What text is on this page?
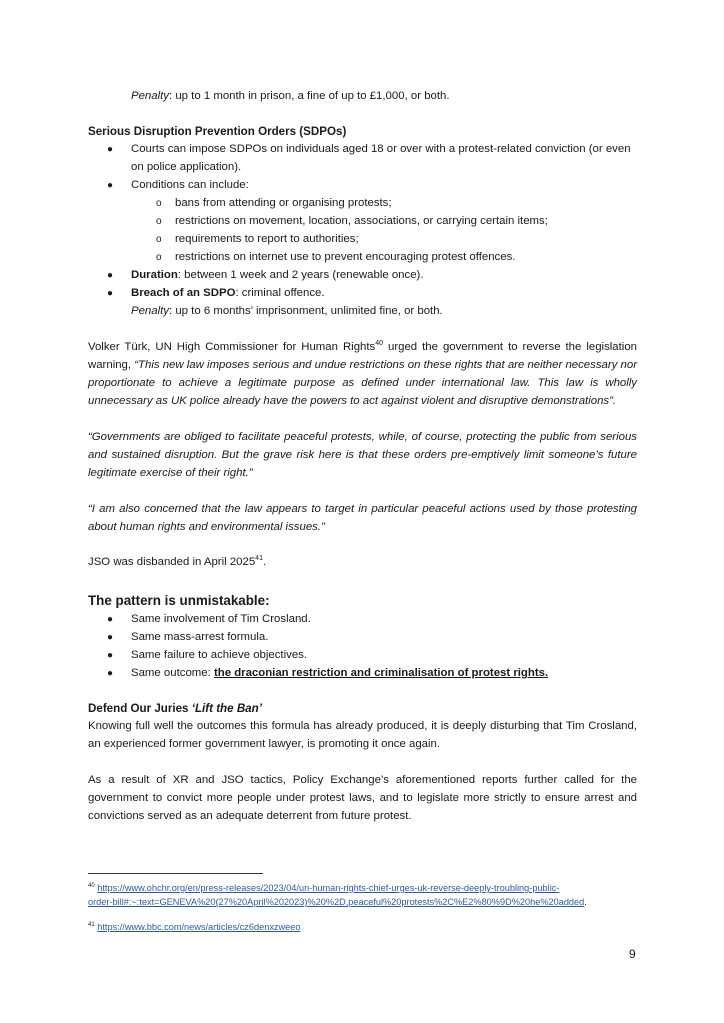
Penalty: up to 1 month in prison, a fine of up to £1,000, or both.
Serious Disruption Prevention Orders (SDPOs)
● Courts can impose SDPOs on individuals aged 18 or over with a protest-related conviction (or even
on police application).
● Conditions can include:
o bans from attending or organising protests;
o restrictions on movement, location, associations, or carrying certain items;
o requirements to report to authorities;
o restrictions on internet use to prevent encouraging protest offences.
● Duration: between 1 week and 2 years (renewable once).
● Breach of an SDPO: criminal offence.
Penalty: up to 6 months’ imprisonment, unlimited fine, or both.
Volker Türk, UN High Commissioner for Human Rights$^{40}$ urged the government to reverse the legislation warning, “This new law imposes serious and undue restrictions on these rights that are neither necessary nor proportionate to achieve a legitimate purpose as defined under international law. This law is wholly unnecessary as UK police already have the powers to act against violent and disruptive demonstrations”.
“Governments are obliged to facilitate peaceful protests, while, of course, protecting the public from serious and sustained disruption. But the grave risk here is that these orders pre-emptively limit someone’s future legitimate exercise of their right.”
“I am also concerned that the law appears to target in particular peaceful actions used by those protesting about human rights and environmental issues.”
JSO was disbanded in April 2025$^{41}$.
The pattern is unmistakable:
● Same involvement of Tim Crosland.
● Same mass-arrest formula.
● Same failure to achieve objectives.
● Same outcome: the draconian restriction and criminalisation of protest rights.
Defend Our Juries ‘Lift the Ban’
Knowing full well the outcomes this formula has already produced, it is deeply disturbing that Tim Crosland, an experienced former government lawyer, is promoting it once again.
As a result of XR and JSO tactics, Policy Exchange’s aforementioned reports further called for the government to convict more people under protest laws, and to legislate more strictly to ensure arrest and convictions served as an adequate deterrent from future protest.
$^{40}$ https://www.ohchr.org/en/press-releases/2023/04/un-human-rights-chief-urges-uk-reverse-deeply-troubling-public-
order-bill#:~:text=GENEVA%20(27%20April%202023)%20%2D,peaceful%20protests%2C%E2%80%9D%20he%20added.
$^{41}$ https://www.bbc.com/news/articles/cz6denxzweeo
9
